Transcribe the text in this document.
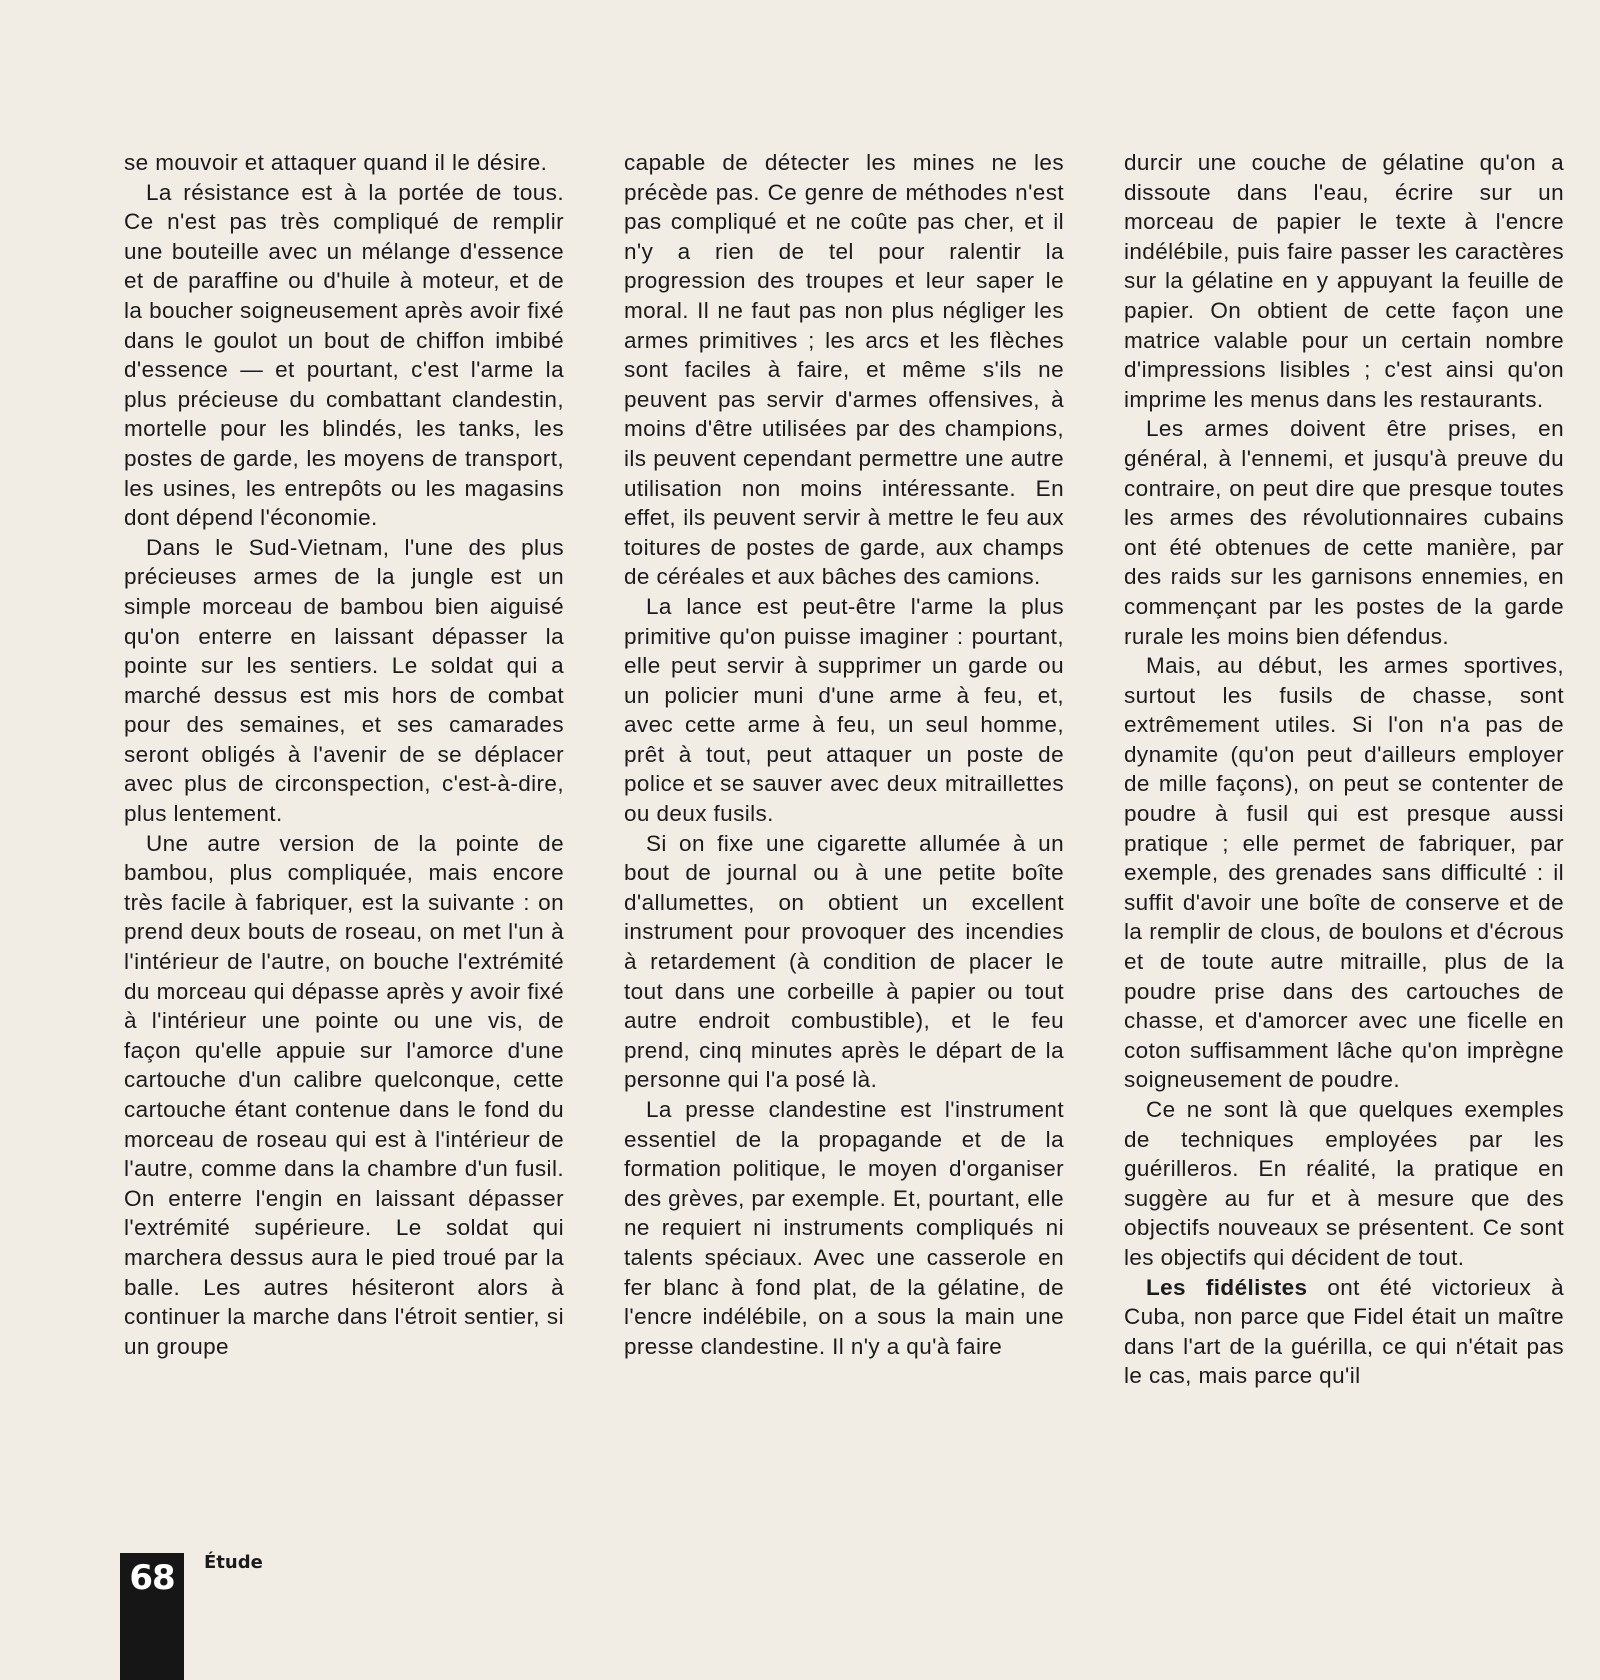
se mouvoir et attaquer quand il le désire.

La résistance est à la portée de tous. Ce n'est pas très compliqué de remplir une bouteille avec un mélange d'essence et de paraffine ou d'huile à moteur, et de la boucher soigneusement après avoir fixé dans le goulot un bout de chiffon imbibé d'essence — et pourtant, c'est l'arme la plus précieuse du combattant clandestin, mortelle pour les blindés, les tanks, les postes de garde, les moyens de transport, les usines, les entrepôts ou les magasins dont dépend l'économie.

Dans le Sud-Vietnam, l'une des plus précieuses armes de la jungle est un simple morceau de bambou bien aiguisé qu'on enterre en laissant dépasser la pointe sur les sentiers. Le soldat qui a marché dessus est mis hors de combat pour des semaines, et ses camarades seront obligés à l'avenir de se déplacer avec plus de circonspection, c'est-à-dire, plus lentement.

Une autre version de la pointe de bambou, plus compliquée, mais encore très facile à fabriquer, est la suivante : on prend deux bouts de roseau, on met l'un à l'intérieur de l'autre, on bouche l'extrémité du morceau qui dépasse après y avoir fixé à l'intérieur une pointe ou une vis, de façon qu'elle appuie sur l'amorce d'une cartouche d'un calibre quelconque, cette cartouche étant contenue dans le fond du morceau de roseau qui est à l'intérieur de l'autre, comme dans la chambre d'un fusil. On enterre l'engin en laissant dépasser l'extrémité supérieure. Le soldat qui marchera dessus aura le pied troué par la balle. Les autres hésiteront alors à continuer la marche dans l'étroit sentier, si un groupe

capable de détecter les mines ne les précède pas. Ce genre de méthodes n'est pas compliqué et ne coûte pas cher, et il n'y a rien de tel pour ralentir la progression des troupes et leur saper le moral. Il ne faut pas non plus négliger les armes primitives ; les arcs et les flèches sont faciles à faire, et même s'ils ne peuvent pas servir d'armes offensives, à moins d'être utilisées par des champions, ils peuvent cependant permettre une autre utilisation non moins intéressante. En effet, ils peuvent servir à mettre le feu aux toitures de postes de garde, aux champs de céréales et aux bâches des camions.

La lance est peut-être l'arme la plus primitive qu'on puisse imaginer : pourtant, elle peut servir à supprimer un garde ou un policier muni d'une arme à feu, et, avec cette arme à feu, un seul homme, prêt à tout, peut attaquer un poste de police et se sauver avec deux mitraillettes ou deux fusils.

Si on fixe une cigarette allumée à un bout de journal ou à une petite boîte d'allumettes, on obtient un excellent instrument pour provoquer des incendies à retardement (à condition de placer le tout dans une corbeille à papier ou tout autre endroit combustible), et le feu prend, cinq minutes après le départ de la personne qui l'a posé là.

La presse clandestine est l'instrument essentiel de la propagande et de la formation politique, le moyen d'organiser des grèves, par exemple. Et, pourtant, elle ne requiert ni instruments compliqués ni talents spéciaux. Avec une casserole en fer blanc à fond plat, de la gélatine, de l'encre indélébile, on a sous la main une presse clandestine. Il n'y a qu'à faire

durcir une couche de gélatine qu'on a dissoute dans l'eau, écrire sur un morceau de papier le texte à l'encre indélébile, puis faire passer les caractères sur la gélatine en y appuyant la feuille de papier. On obtient de cette façon une matrice valable pour un certain nombre d'impressions lisibles ; c'est ainsi qu'on imprime les menus dans les restaurants.

Les armes doivent être prises, en général, à l'ennemi, et jusqu'à preuve du contraire, on peut dire que presque toutes les armes des révolutionnaires cubains ont été obtenues de cette manière, par des raids sur les garnisons ennemies, en commençant par les postes de la garde rurale les moins bien défendus.

Mais, au début, les armes sportives, surtout les fusils de chasse, sont extrêmement utiles. Si l'on n'a pas de dynamite (qu'on peut d'ailleurs employer de mille façons), on peut se contenter de poudre à fusil qui est presque aussi pratique ; elle permet de fabriquer, par exemple, des grenades sans difficulté : il suffit d'avoir une boîte de conserve et de la remplir de clous, de boulons et d'écrous et de toute autre mitraille, plus de la poudre prise dans des cartouches de chasse, et d'amorcer avec une ficelle en coton suffisamment lâche qu'on imprègne soigneusement de poudre.

Ce ne sont là que quelques exemples de techniques employées par les guérilleros. En réalité, la pratique en suggère au fur et à mesure que des objectifs nouveaux se présentent. Ce sont les objectifs qui décident de tout.

Les fidélistes ont été victorieux à Cuba, non parce que Fidel était un maître dans l'art de la guérilla, ce qui n'était pas le cas, mais parce qu'il

68	Étude
